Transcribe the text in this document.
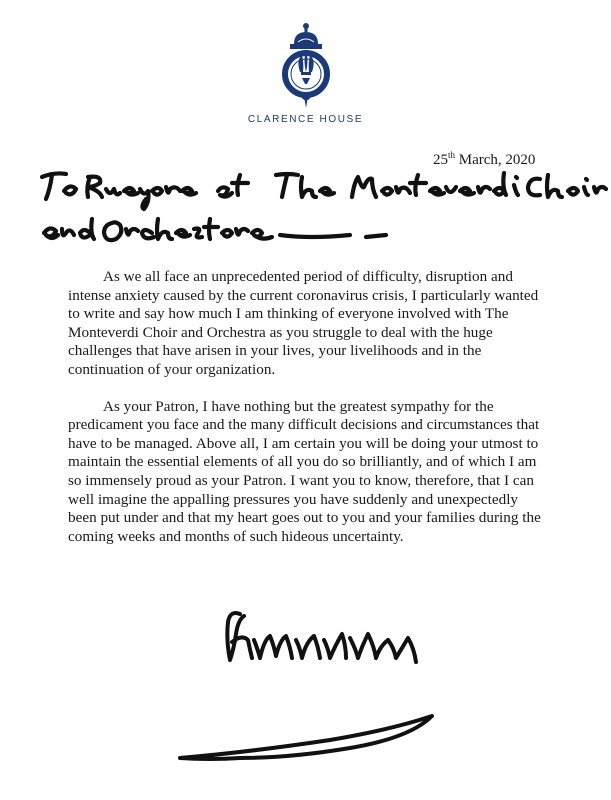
CLARENCE HOUSE
25th March, 2020

As we all face an unprecedented period of difficulty, disruption and intense anxiety caused by the current coronavirus crisis, I particularly wanted to write and say how much I am thinking of everyone involved with The Monteverdi Choir and Orchestra as you struggle to deal with the huge challenges that have arisen in your lives, your livelihoods and in the continuation of your organization.

As your Patron, I have nothing but the greatest sympathy for the predicament you face and the many difficult decisions and circumstances that have to be managed. Above all, I am certain you will be doing your utmost to maintain the essential elements of all you do so brilliantly, and of which I am so immensely proud as your Patron. I want you to know, therefore, that I can well imagine the appalling pressures you have suddenly and unexpectedly been put under and that my heart goes out to you and your families during the coming weeks and months of such hideous uncertainty.
